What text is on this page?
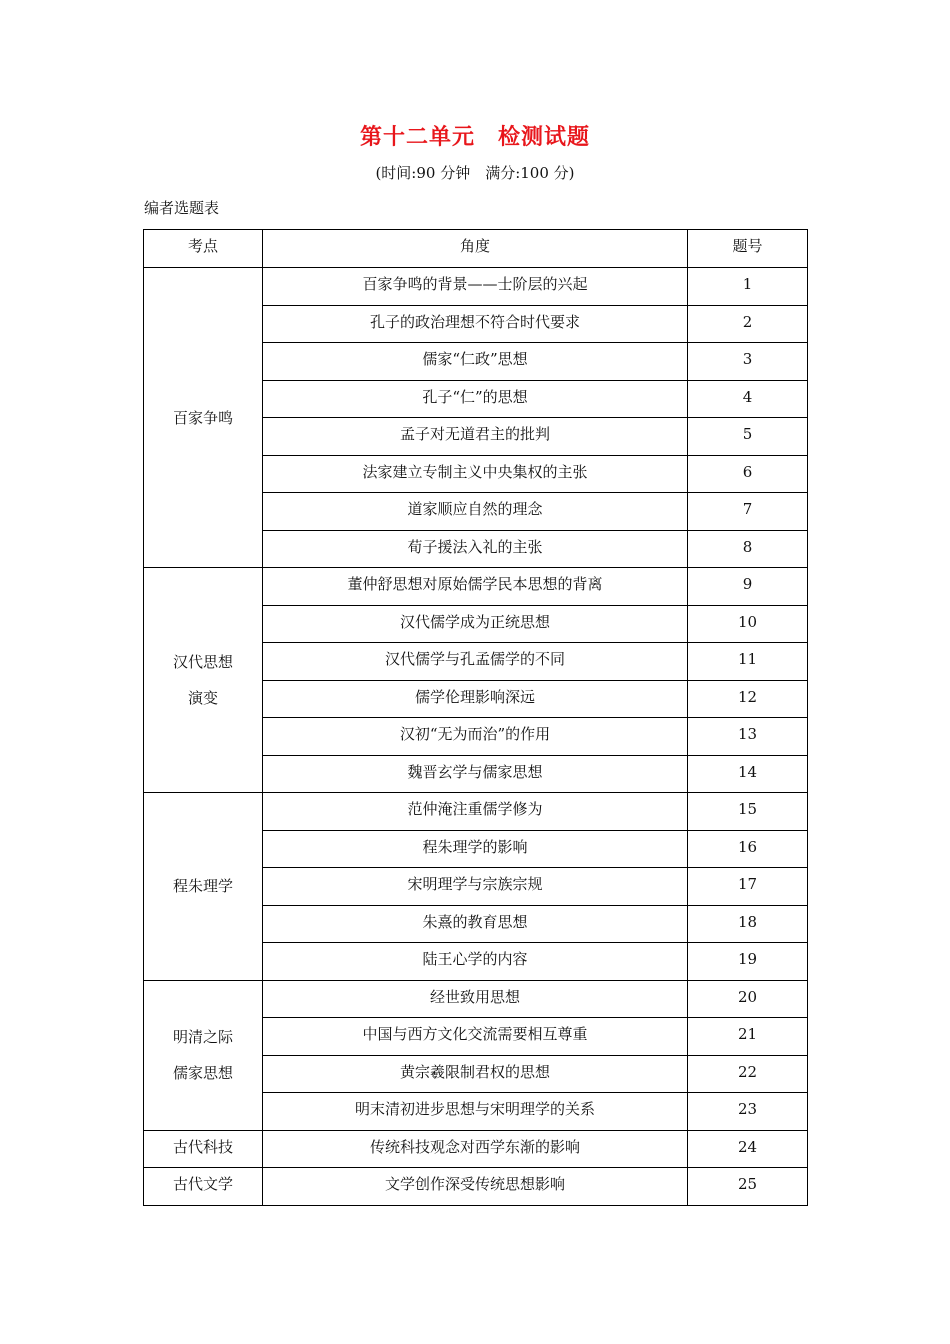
第十二单元　检测试题
(时间:90 分钟　满分:100 分)
编者选题表
考点	角度	题号

百家争鸣	百家争鸣的背景——士阶层的兴起	1
	孔子的政治理想不符合时代要求	2
	儒家“仁政”思想	3
	孔子“仁”的思想	4
	孟子对无道君主的批判	5
	法家建立专制主义中央集权的主张	6
	道家顺应自然的理念	7
	荀子援法入礼的主张	8

汉代思想
演变	董仲舒思想对原始儒学民本思想的背离	9
	汉代儒学成为正统思想	10
	汉代儒学与孔孟儒学的不同	11
	儒学伦理影响深远	12
	汉初“无为而治”的作用	13
	魏晋玄学与儒家思想	14

程朱理学	范仲淹注重儒学修为	15
	程朱理学的影响	16
	宋明理学与宗族宗规	17
	朱熹的教育思想	18
	陆王心学的内容	19

明清之际
儒家思想	经世致用思想	20
	中国与西方文化交流需要相互尊重	21
	黄宗羲限制君权的思想	22
	明末清初进步思想与宋明理学的关系	23

古代科技	传统科技观念对西学东渐的影响	24

古代文学	文学创作深受传统思想影响	25
